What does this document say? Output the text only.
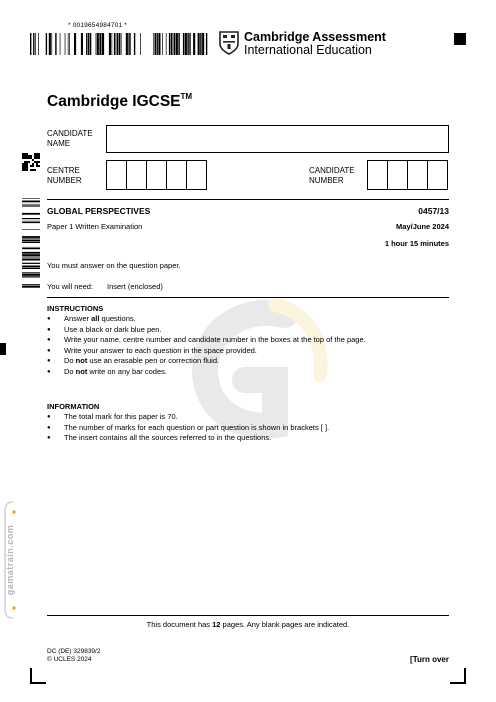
* 0019654984701 *
Cambridge Assessment
International Education
Cambridge IGCSE™
CANDIDATE NAME
CENTRE NUMBER
CANDIDATE NUMBER
GLOBAL PERSPECTIVES	0457/13
Paper 1 Written Examination	May/June 2024
1 hour 15 minutes
You must answer on the question paper.
You will need: Insert (enclosed)
INSTRUCTIONS
● Answer all questions.
● Use a black or dark blue pen.
● Write your name, centre number and candidate number in the boxes at the top of the page.
● Write your answer to each question in the space provided.
● Do not use an erasable pen or correction fluid.
● Do not write on any bar codes.
INFORMATION
● The total mark for this paper is 70.
● The number of marks for each question or part question is shown in brackets [ ].
● The insert contains all the sources referred to in the questions.
gamatrain.com
This document has 12 pages. Any blank pages are indicated.
DC (DE) 329839/2
© UCLES 2024	[Turn over
